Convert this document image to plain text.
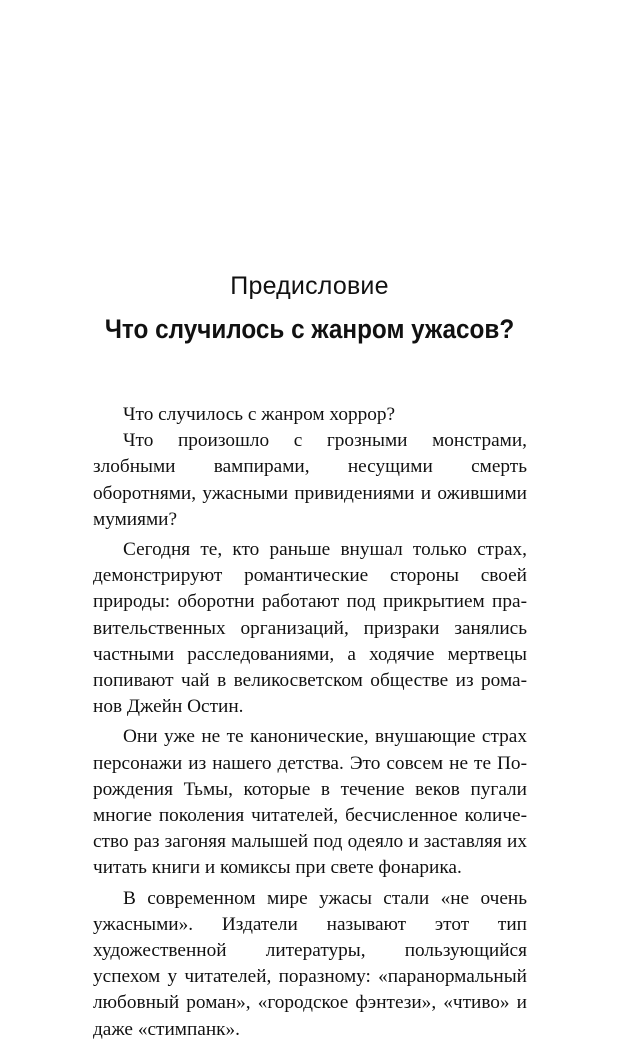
Предисловие
Что случилось с жанром ужасов?

Что случилось с жанром хоррор?

Что произошло с грозными монстрами, злобными вампирами, несущими смерть оборотнями, ужасными привидениями и ожившими мумиями?

Сегодня те, кто раньше внушал только страх, демонстрируют романтические стороны своей природы: оборотни работают под прикрытием правительственных организаций, призраки занялись частными расследованиями, а ходячие мертвецы попивают чай в великосветском обществе из романов Джейн Остин.

Они уже не те канонические, внушающие страх персонажи из нашего детства. Это совсем не те Порождения Тьмы, которые в течение веков пугали многие поколения читателей, бесчисленное количество раз загоняя малышей под одеяло и заставляя их читать книги и комиксы при свете фонарика.

В современном мире ужасы стали «не очень ужасными». Издатели называют этот тип художественной литературы, пользующийся успехом у читателей, поразному: «паранормальный любовный роман», «городское фэнтези», «чтиво» и даже «стимпанк».
